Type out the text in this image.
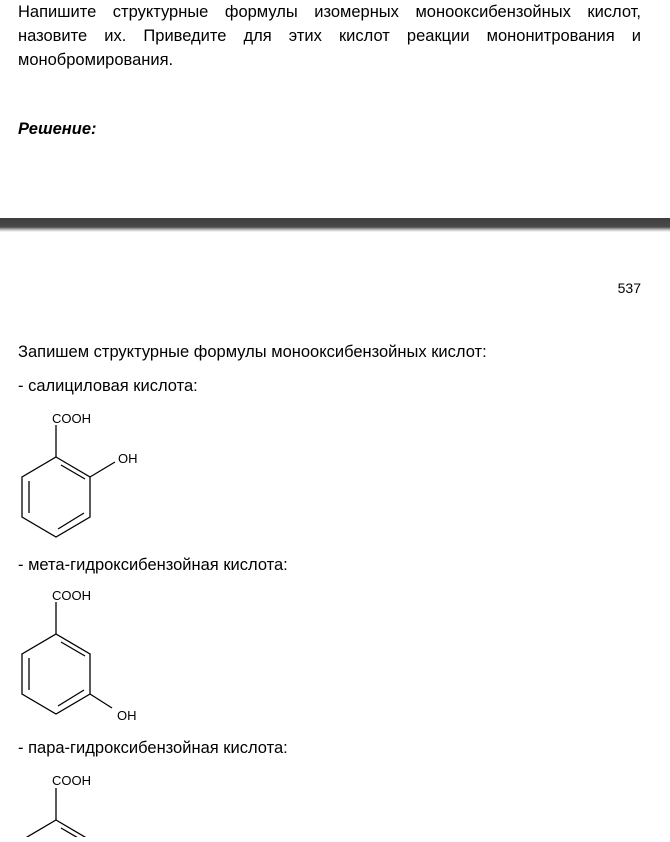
Напишите структурные формулы изомерных монооксибензойных кислот, назовите их. Приведите для этих кислот реакции мононитрования и монобромирования.
Решение:
537
Запишем структурные формулы монооксибензойных кислот:
- салициловая кислота:
COOH
OH
- мета-гидроксибензойная кислота:
COOH
OH
- пара-гидроксибензойная кислота:
COOH
